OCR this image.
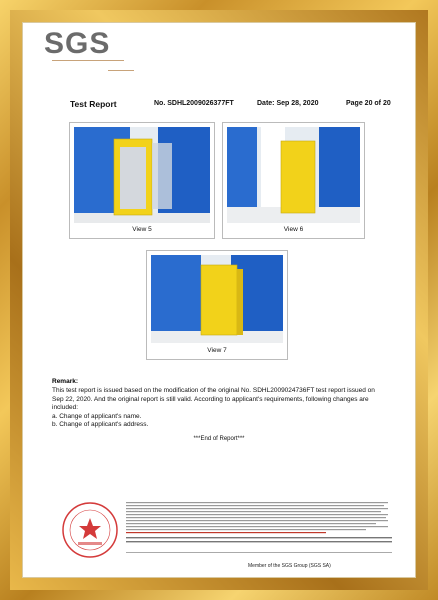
SGS
Test Report	No. SDHL2009026377FT	Date: Sep 28, 2020	Page 20 of 20
View 5	View 6
View 7
Remark:
This test report is issued based on the modification of the original No. SDHL2009024736FT test report issued on
Sep 22, 2020. And the original report is still valid. According to applicant's requirements, following changes are
included:
a. Change of applicant's name.
b. Change of applicant's address.
***End of Report***
Member of the SGS Group (SGS SA)
